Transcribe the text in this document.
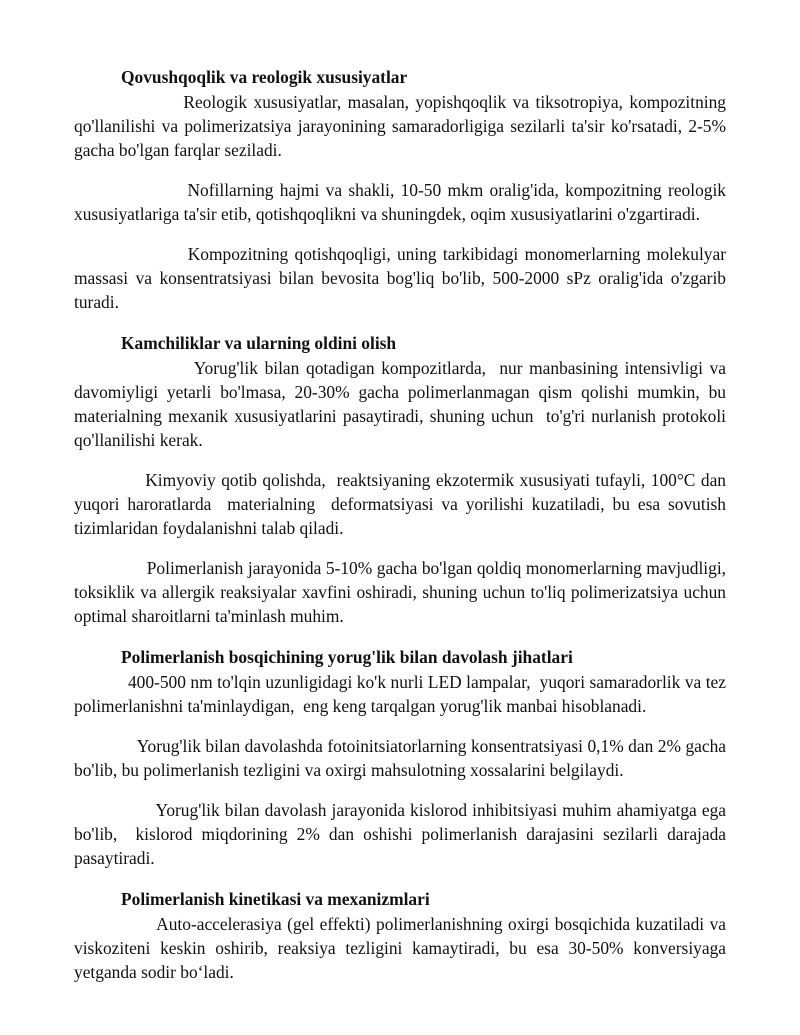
Qovushqoqlik va reologik xususiyatlar

Reologik xususiyatlar, masalan, yopishqoqlik va tiksotropiya, kompozitning qo'llanilishi va polimerizatsiya jarayonining samaradorligiga sezilarli ta'sir ko'rsatadi, 2-5% gacha bo'lgan farqlar seziladi.

Nofillarning hajmi va shakli, 10-50 mkm oralig'ida, kompozitning reologik xususiyatlariga ta'sir etib, qotishqoqlikni va shuningdek, oqim xususiyatlarini o'zgartiradi.

Kompozitning qotishqoqligi, uning tarkibidagi monomerlarning molekulyar massasi va konsentratsiyasi bilan bevosita bog'liq bo'lib, 500-2000 sPz oralig'ida o'zgarib turadi.

Kamchiliklar va ularning oldini olish

Yorug'lik bilan qotadigan kompozitlarda,  nur manbasining intensivligi va davomiyligi yetarli bo'lmasa, 20-30% gacha polimerlanmagan qism qolishi mumkin, bu materialning mexanik xususiyatlarini pasaytiradi, shuning uchun  to'g'ri nurlanish protokoli qo'llanilishi kerak.

Kimyoviy qotib qolishda,  reaktsiyaning ekzotermik xususiyati tufayli, 100°C dan yuqori haroratlarda  materialning  deformatsiyasi va yorilishi kuzatiladi, bu esa sovutish tizimlaridan foydalanishni talab qiladi.

Polimerlanish jarayonida 5-10% gacha bo'lgan qoldiq monomerlarning mavjudligi, toksiklik va allergik reaksiyalar xavfini oshiradi, shuning uchun to'liq polimerizatsiya uchun optimal sharoitlarni ta'minlash muhim.

Polimerlanish bosqichining yorug'lik bilan davolash jihatlari

400-500 nm to'lqin uzunligidagi ko'k nurli LED lampalar,  yuqori samaradorlik va tez polimerlanishni ta'minlaydigan,  eng keng tarqalgan yorug'lik manbai hisoblanadi.

Yorug'lik bilan davolashda fotoinitsiatorlarning konsentratsiyasi 0,1% dan 2% gacha bo'lib, bu polimerlanish tezligini va oxirgi mahsulotning xossalarini belgilaydi.

Yorug'lik bilan davolash jarayonida kislorod inhibitsiyasi muhim ahamiyatga ega bo'lib,  kislorod miqdorining 2% dan oshishi polimerlanish darajasini sezilarli darajada pasaytiradi.

Polimerlanish kinetikasi va mexanizmlari

Auto-accelerasiya (gel effekti) polimerlanishning oxirgi bosqichida kuzatiladi va viskoziteni keskin oshirib, reaksiya tezligini kamaytiradi, bu esa 30-50% konversiyaga yetganda sodir bo‘ladi.
